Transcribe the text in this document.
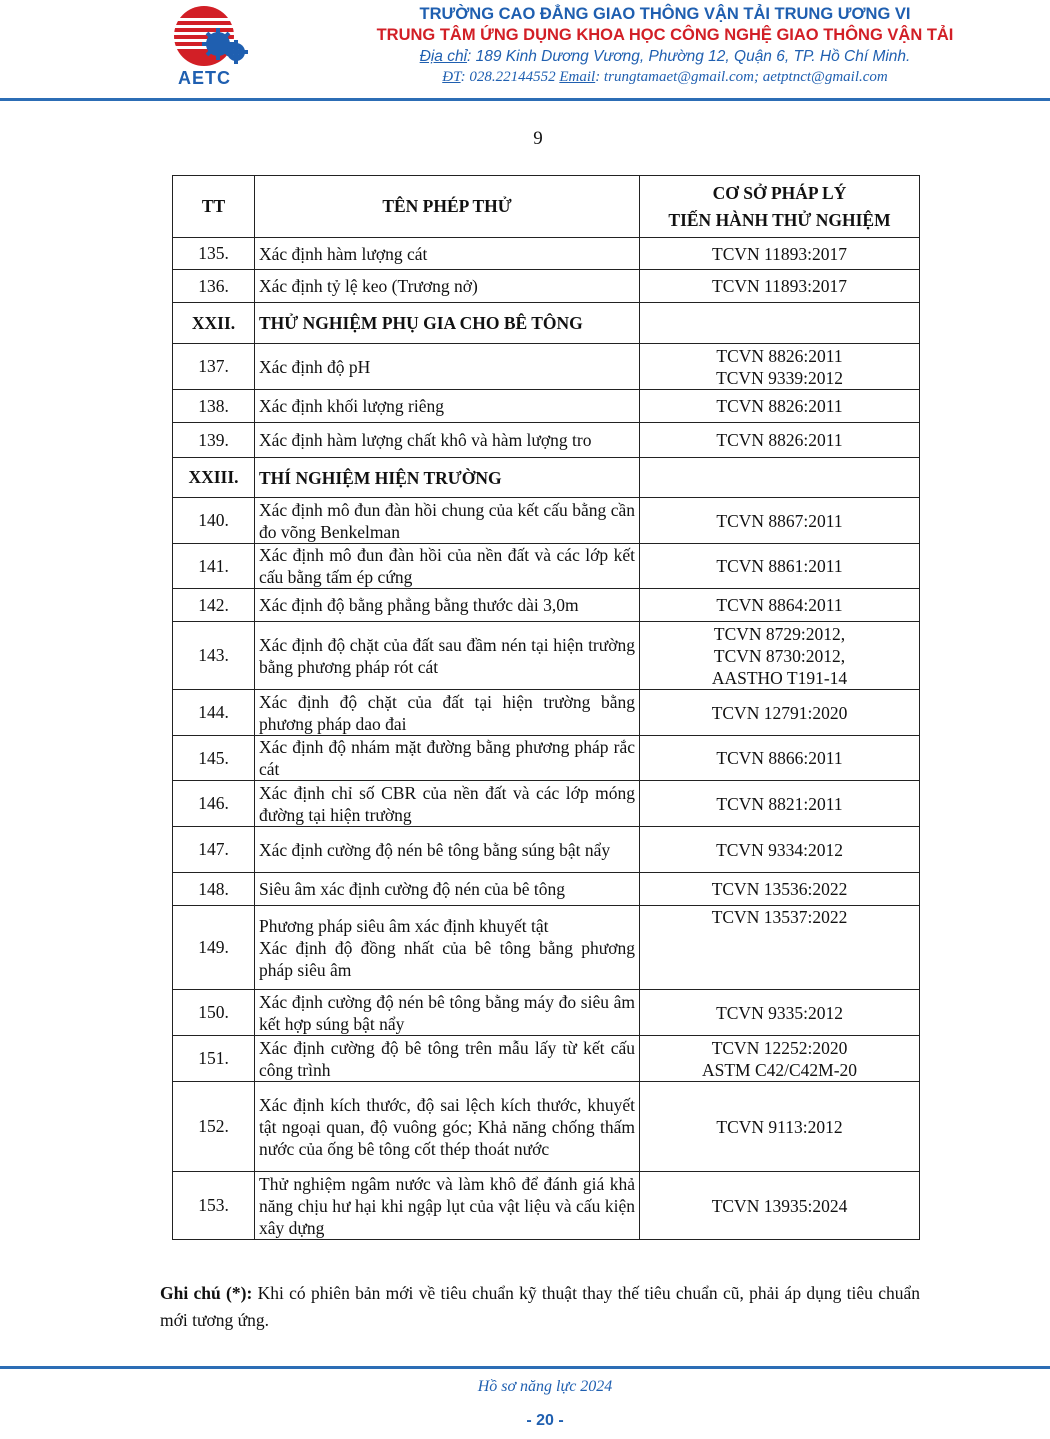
AETC
TRƯỜNG CAO ĐẲNG GIAO THÔNG VẬN TẢI TRUNG ƯƠNG VI
TRUNG TÂM ỨNG DỤNG KHOA HỌC CÔNG NGHỆ GIAO THÔNG VẬN TẢI
Địa chỉ: 189 Kinh Dương Vương, Phường 12, Quận 6, TP. Hồ Chí Minh.
ĐT: 028.22144552 Email: trungtamaet@gmail.com; aetptnct@gmail.com
9
TT	TÊN PHÉP THỬ	CƠ SỞ PHÁP LÝ
TIẾN HÀNH THỬ NGHIỆM

135.	Xác định hàm lượng cát	TCVN 11893:2017

136.	Xác định tỷ lệ keo (Trương nở)	TCVN 11893:2017

XXII.	THỬ NGHIỆM PHỤ GIA CHO BÊ TÔNG	

137.	Xác định độ pH	TCVN 8826:2011
TCVN 9339:2012

138.	Xác định khối lượng riêng	TCVN 8826:2011

139.	Xác định hàm lượng chất khô và hàm lượng tro	TCVN 8826:2011

XXIII.	THÍ NGHIỆM HIỆN TRƯỜNG	

140.	Xác định mô đun đàn hồi chung của kết cấu bằng cần đo võng Benkelman	TCVN 8867:2011

141.	Xác định mô đun đàn hồi của nền đất và các lớp kết cấu bằng tấm ép cứng	TCVN 8861:2011

142.	Xác định độ bằng phẳng bằng thước dài 3,0m	TCVN 8864:2011

143.	Xác định độ chặt của đất sau đầm nén tại hiện trường bằng phương pháp rót cát	TCVN 8729:2012,
TCVN 8730:2012,
AASTHO T191-14

144.	Xác định độ chặt của đất tại hiện trường bằng phương pháp dao đai	TCVN 12791:2020

145.	Xác định độ nhám mặt đường bằng phương pháp rắc cát	TCVN 8866:2011

146.	Xác định chỉ số CBR của nền đất và các lớp móng đường tại hiện trường	TCVN 8821:2011

147.	Xác định cường độ nén bê tông bằng súng bật nẩy	TCVN 9334:2012

148.	Siêu âm xác định cường độ nén của bê tông	TCVN 13536:2022

149.	Phương pháp siêu âm xác định khuyết tật
Xác định độ đồng nhất của bê tông bằng phương pháp siêu âm	TCVN 13537:2022

150.	Xác định cường độ nén bê tông bằng máy đo siêu âm kết hợp súng bật nẩy	TCVN 9335:2012

151.	Xác định cường độ bê tông trên mẫu lấy từ kết cấu công trình	TCVN 12252:2020
ASTM C42/C42M-20

152.	Xác định kích thước, độ sai lệch kích thước, khuyết tật ngoại quan, độ vuông góc; Khả năng chống thấm nước của ống bê tông cốt thép thoát nước	TCVN 9113:2012

153.	Thử nghiệm ngâm nước và làm khô để đánh giá khả năng chịu hư hại khi ngập lụt của vật liệu và cấu kiện xây dựng	TCVN 13935:2024
Ghi chú (*): Khi có phiên bản mới về tiêu chuẩn kỹ thuật thay thế tiêu chuẩn cũ, phải áp dụng tiêu chuẩn mới tương ứng.
Hồ sơ năng lực 2024
- 20 -
